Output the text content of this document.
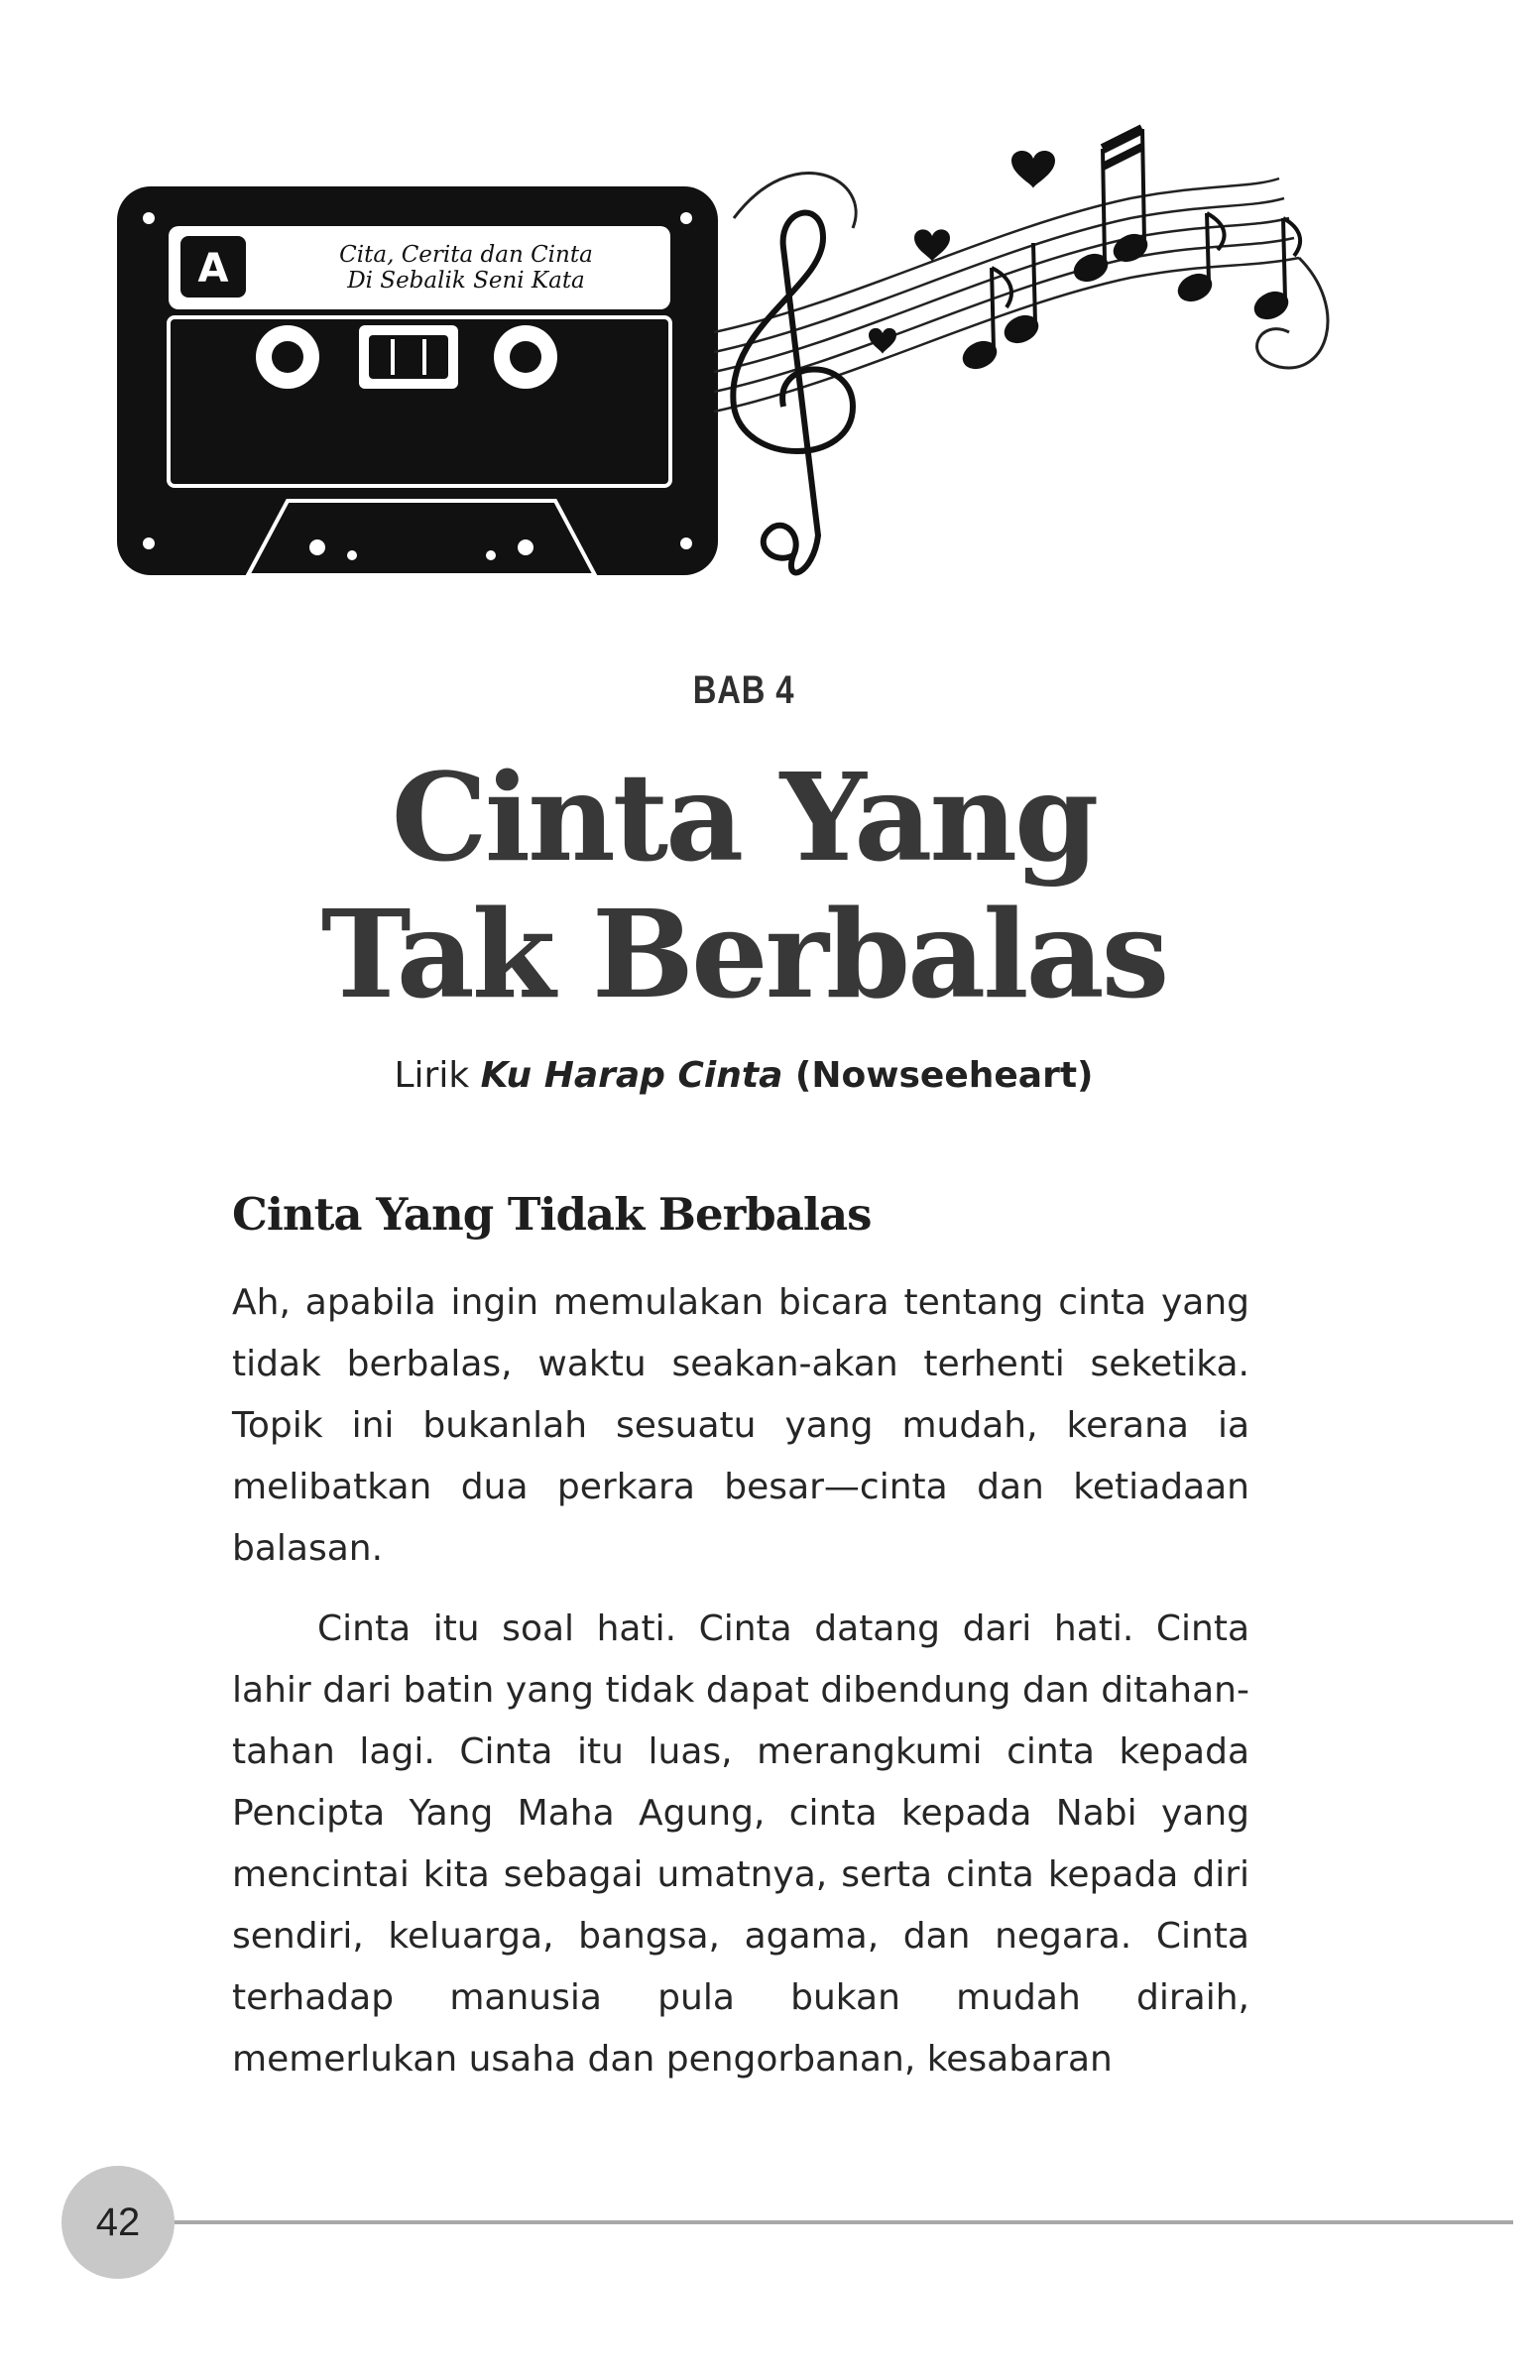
A	Cita, Cerita dan Cinta
Di Sebalik Seni Kata
BAB 4
Cinta Yang
Tak Berbalas
Lirik Ku Harap Cinta (Nowseeheart)
Cinta Yang Tidak Berbalas

Ah, apabila ingin memulakan bicara tentang cinta yang tidak berbalas, waktu seakan-akan terhenti seketika. Topik ini bukanlah sesuatu yang mudah, kerana ia melibatkan dua perkara besar—cinta dan ketiadaan balasan.

Cinta itu soal hati. Cinta datang dari hati. Cinta lahir dari batin yang tidak dapat dibendung dan ditahan-tahan lagi. Cinta itu luas, merangkumi cinta kepada Pencipta Yang Maha Agung, cinta kepada Nabi yang mencintai kita sebagai umatnya, serta cinta kepada diri sendiri, keluarga, bangsa, agama, dan negara. Cinta terhadap manusia pula bukan mudah diraih, memerlukan usaha dan pengorbanan, kesabaran

42
